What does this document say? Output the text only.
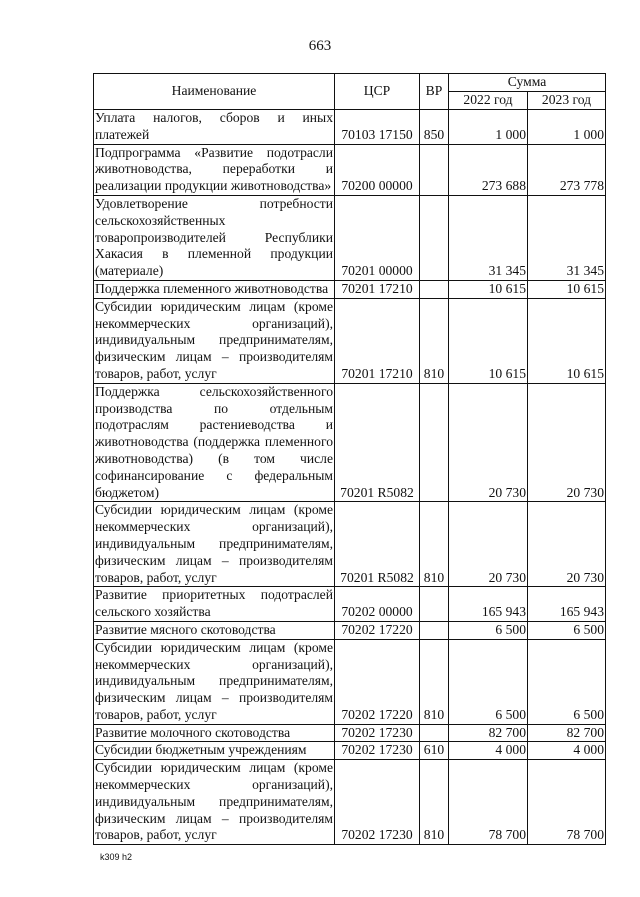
663
Наименование	ЦСР	ВР	Сумма	
			2022 год	2023 год
Уплата налогов, сборов и иных платежей	70103 17150	850	1 000	1 000
Подпрограмма «Развитие подотрасли животноводства, переработки и реализации продукции животноводства»	70200 00000		273 688	273 778
Удовлетворение потребности сельскохозяйственных товаропроизводителей Республики Хакасия в племенной продукции (материале)	70201 00000		31 345	31 345
Поддержка племенного животноводства	70201 17210		10 615	10 615
Субсидии юридическим лицам (кроме некоммерческих организаций), индивидуальным предпринимателям, физическим лицам – производителям товаров, работ, услуг	70201 17210	810	10 615	10 615
Поддержка сельскохозяйственного производства по отдельным подотраслям растениеводства и животноводства (поддержка племенного животноводства) (в том числе софинансирование с федеральным бюджетом)	70201 R5082		20 730	20 730
Субсидии юридическим лицам (кроме некоммерческих организаций), индивидуальным предпринимателям, физическим лицам – производителям товаров, работ, услуг	70201 R5082	810	20 730	20 730
Развитие приоритетных подотраслей сельского хозяйства	70202 00000		165 943	165 943
Развитие мясного скотоводства	70202 17220		6 500	6 500
Субсидии юридическим лицам (кроме некоммерческих организаций), индивидуальным предпринимателям, физическим лицам – производителям товаров, работ, услуг	70202 17220	810	6 500	6 500
Развитие молочного скотоводства	70202 17230		82 700	82 700
Субсидии бюджетным учреждениям	70202 17230	610	4 000	4 000
Субсидии юридическим лицам (кроме некоммерческих организаций), индивидуальным предпринимателям, физическим лицам – производителям товаров, работ, услуг	70202 17230	810	78 700	78 700
k309 h2
